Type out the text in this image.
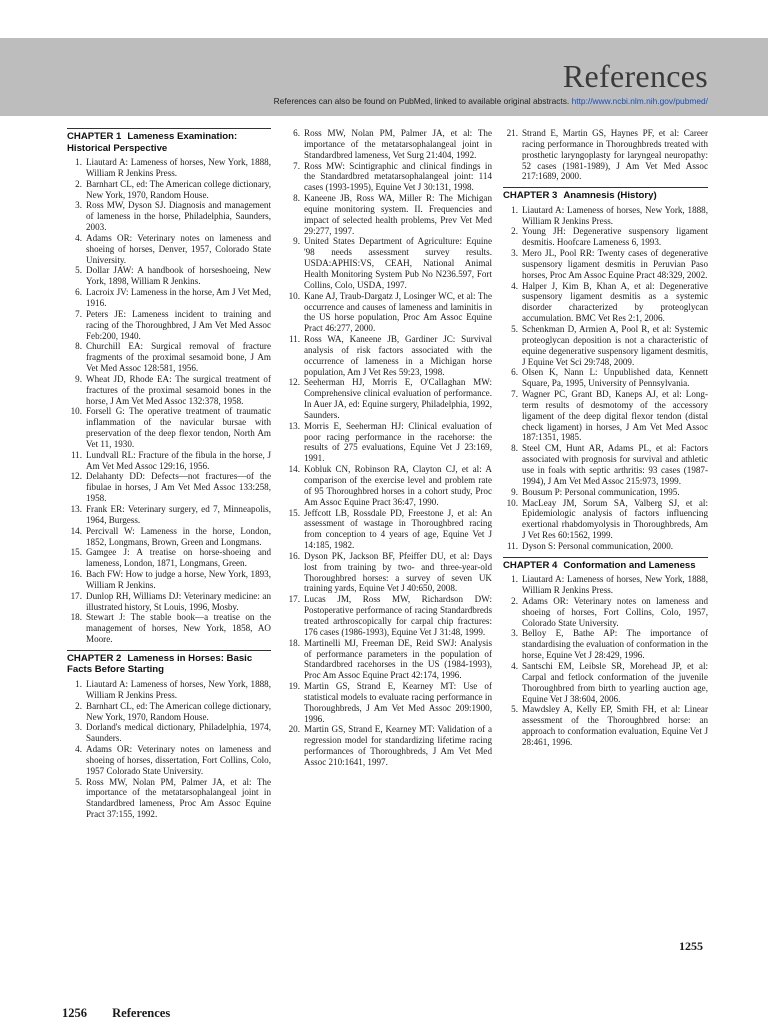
References
References can also be found on PubMed, linked to available original abstracts. http://www.ncbi.nlm.nih.gov/pubmed/
CHAPTER 1 Lameness Examination: Historical Perspective
1. Liautard A: Lameness of horses, New York, 1888, William R Jenkins Press.
2. Barnhart CL, ed: The American college dictionary, New York, 1970, Random House.
3. Ross MW, Dyson SJ. Diagnosis and management of lameness in the horse, Philadelphia, Saunders, 2003.
4. Adams OR: Veterinary notes on lameness and shoeing of horses, Denver, 1957, Colorado State University.
5. Dollar JAW: A handbook of horseshoeing, New York, 1898, William R Jenkins.
6. Lacroix JV: Lameness in the horse, Am J Vet Med, 1916.
7. Peters JE: Lameness incident to training and racing of the Thoroughbred, J Am Vet Med Assoc Feb:200, 1940.
8. Churchill EA: Surgical removal of fracture fragments of the proximal sesamoid bone, J Am Vet Med Assoc 128:581, 1956.
9. Wheat JD, Rhode EA: The surgical treatment of fractures of the proximal sesamoid bones in the horse, J Am Vet Med Assoc 132:378, 1958.
10. Forsell G: The operative treatment of traumatic inflammation of the navicular bursae with preservation of the deep flexor tendon, North Am Vet 11, 1930.
11. Lundvall RL: Fracture of the fibula in the horse, J Am Vet Med Assoc 129:16, 1956.
12. Delahanty DD: Defects—not fractures—of the fibulae in horses, J Am Vet Med Assoc 133:258, 1958.
13. Frank ER: Veterinary surgery, ed 7, Minneapolis, 1964, Burgess.
14. Percivall W: Lameness in the horse, London, 1852, Longmans, Brown, Green and Longmans.
15. Gamgee J: A treatise on horse-shoeing and lameness, London, 1871, Longmans, Green.
16. Bach FW: How to judge a horse, New York, 1893, William R Jenkins.
17. Dunlop RH, Williams DJ: Veterinary medicine: an illustrated history, St Louis, 1996, Mosby.
18. Stewart J: The stable book—a treatise on the management of horses, New York, 1858, AO Moore.
CHAPTER 2 Lameness in Horses: Basic Facts Before Starting
1. Liautard A: Lameness of horses, New York, 1888, William R Jenkins Press.
2. Barnhart CL, ed: The American college dictionary, New York, 1970, Random House.
3. Dorland's medical dictionary, Philadelphia, 1974, Saunders.
4. Adams OR: Veterinary notes on lameness and shoeing of horses, dissertation, Fort Collins, Colo, 1957 Colorado State University.
5. Ross MW, Nolan PM, Palmer JA, et al: The importance of the metatarsophalangeal joint in Standardbred lameness, Proc Am Assoc Equine Pract 37:155, 1992.
6. Ross MW, Nolan PM, Palmer JA, et al: The importance of the metatarsophalangeal joint in Standardbred lameness, Vet Surg 21:404, 1992.
7. Ross MW: Scintigraphic and clinical findings in the Standardbred metatarsophalangeal joint: 114 cases (1993-1995), Equine Vet J 30:131, 1998.
8. Kaneene JB, Ross WA, Miller R: The Michigan equine monitoring system. II. Frequencies and impact of selected health problems, Prev Vet Med 29:277, 1997.
9. United States Department of Agriculture: Equine '98 needs assessment survey results. USDA:APHIS:VS, CEAH, National Animal Health Monitoring System Pub No N236.597, Fort Collins, Colo, USDA, 1997.
10. Kane AJ, Traub-Dargatz J, Losinger WC, et al: The occurrence and causes of lameness and laminitis in the US horse population, Proc Am Assoc Equine Pract 46:277, 2000.
11. Ross WA, Kaneene JB, Gardiner JC: Survival analysis of risk factors associated with the occurrence of lameness in a Michigan horse population, Am J Vet Res 59:23, 1998.
12. Seeherman HJ, Morris E, O'Callaghan MW: Comprehensive clinical evaluation of performance. In Auer JA, ed: Equine surgery, Philadelphia, 1992, Saunders.
13. Morris E, Seeherman HJ: Clinical evaluation of poor racing performance in the racehorse: the results of 275 evaluations, Equine Vet J 23:169, 1991.
14. Kobluk CN, Robinson RA, Clayton CJ, et al: A comparison of the exercise level and problem rate of 95 Thoroughbred horses in a cohort study, Proc Am Assoc Equine Pract 36:47, 1990.
15. Jeffcott LB, Rossdale PD, Freestone J, et al: An assessment of wastage in Thoroughbred racing from conception to 4 years of age, Equine Vet J 14:185, 1982.
16. Dyson PK, Jackson BF, Pfeiffer DU, et al: Days lost from training by two- and three-year-old Thoroughbred horses: a survey of seven UK training yards, Equine Vet J 40:650, 2008.
17. Lucas JM, Ross MW, Richardson DW: Postoperative performance of racing Standardbreds treated arthroscopically for carpal chip fractures: 176 cases (1986-1993), Equine Vet J 31:48, 1999.
18. Martinelli MJ, Freeman DE, Reid SWJ: Analysis of performance parameters in the population of Standardbred racehorses in the US (1984-1993), Proc Am Assoc Equine Pract 42:174, 1996.
19. Martin GS, Strand E, Kearney MT: Use of statistical models to evaluate racing performance in Thoroughbreds, J Am Vet Med Assoc 209:1900, 1996.
20. Martin GS, Strand E, Kearney MT: Validation of a regression model for standardizing lifetime racing performances of Thoroughbreds, J Am Vet Med Assoc 210:1641, 1997.
21. Strand E, Martin GS, Haynes PF, et al: Career racing performance in Thoroughbreds treated with prosthetic laryngoplasty for laryngeal neuropathy: 52 cases (1981-1989), J Am Vet Med Assoc 217:1689, 2000.
CHAPTER 3 Anamnesis (History)
1. Liautard A: Lameness of horses, New York, 1888, William R Jenkins Press.
2. Young JH: Degenerative suspensory ligament desmitis. Hoofcare Lameness 6, 1993.
3. Mero JL, Pool RR: Twenty cases of degenerative suspensory ligament desmitis in Peruvian Paso horses, Proc Am Assoc Equine Pract 48:329, 2002.
4. Halper J, Kim B, Khan A, et al: Degenerative suspensory ligament desmitis as a systemic disorder characterized by proteoglycan accumulation. BMC Vet Res 2:1, 2006.
5. Schenkman D, Armien A, Pool R, et al: Systemic proteoglycan deposition is not a characteristic of equine degenerative suspensory ligament desmitis, J Equine Vet Sci 29:748, 2009.
6. Olsen K, Nann L: Unpublished data, Kennett Square, Pa, 1995, University of Pennsylvania.
7. Wagner PC, Grant BD, Kaneps AJ, et al: Long-term results of desmotomy of the accessory ligament of the deep digital flexor tendon (distal check ligament) in horses, J Am Vet Med Assoc 187:1351, 1985.
8. Steel CM, Hunt AR, Adams PL, et al: Factors associated with prognosis for survival and athletic use in foals with septic arthritis: 93 cases (1987-1994), J Am Vet Med Assoc 215:973, 1999.
9. Bousum P: Personal communication, 1995.
10. MacLeay JM, Sorum SA, Valberg SJ, et al: Epidemiologic analysis of factors influencing exertional rhabdomyolysis in Thoroughbreds, Am J Vet Res 60:1562, 1999.
11. Dyson S: Personal communication, 2000.
CHAPTER 4 Conformation and Lameness
1. Liautard A: Lameness of horses, New York, 1888, William R Jenkins Press.
2. Adams OR: Veterinary notes on lameness and shoeing of horses, Fort Collins, Colo, 1957, Colorado State University.
3. Belloy E, Bathe AP: The importance of standardising the evaluation of conformation in the horse, Equine Vet J 28:429, 1996.
4. Santschi EM, Leibsle SR, Morehead JP, et al: Carpal and fetlock conformation of the juvenile Thoroughbred from birth to yearling auction age, Equine Vet J 38:604, 2006.
5. Mawdsley A, Kelly EP, Smith FH, et al: Linear assessment of the Thoroughbred horse: an approach to conformation evaluation, Equine Vet J 28:461, 1996.
1255
1256 References
